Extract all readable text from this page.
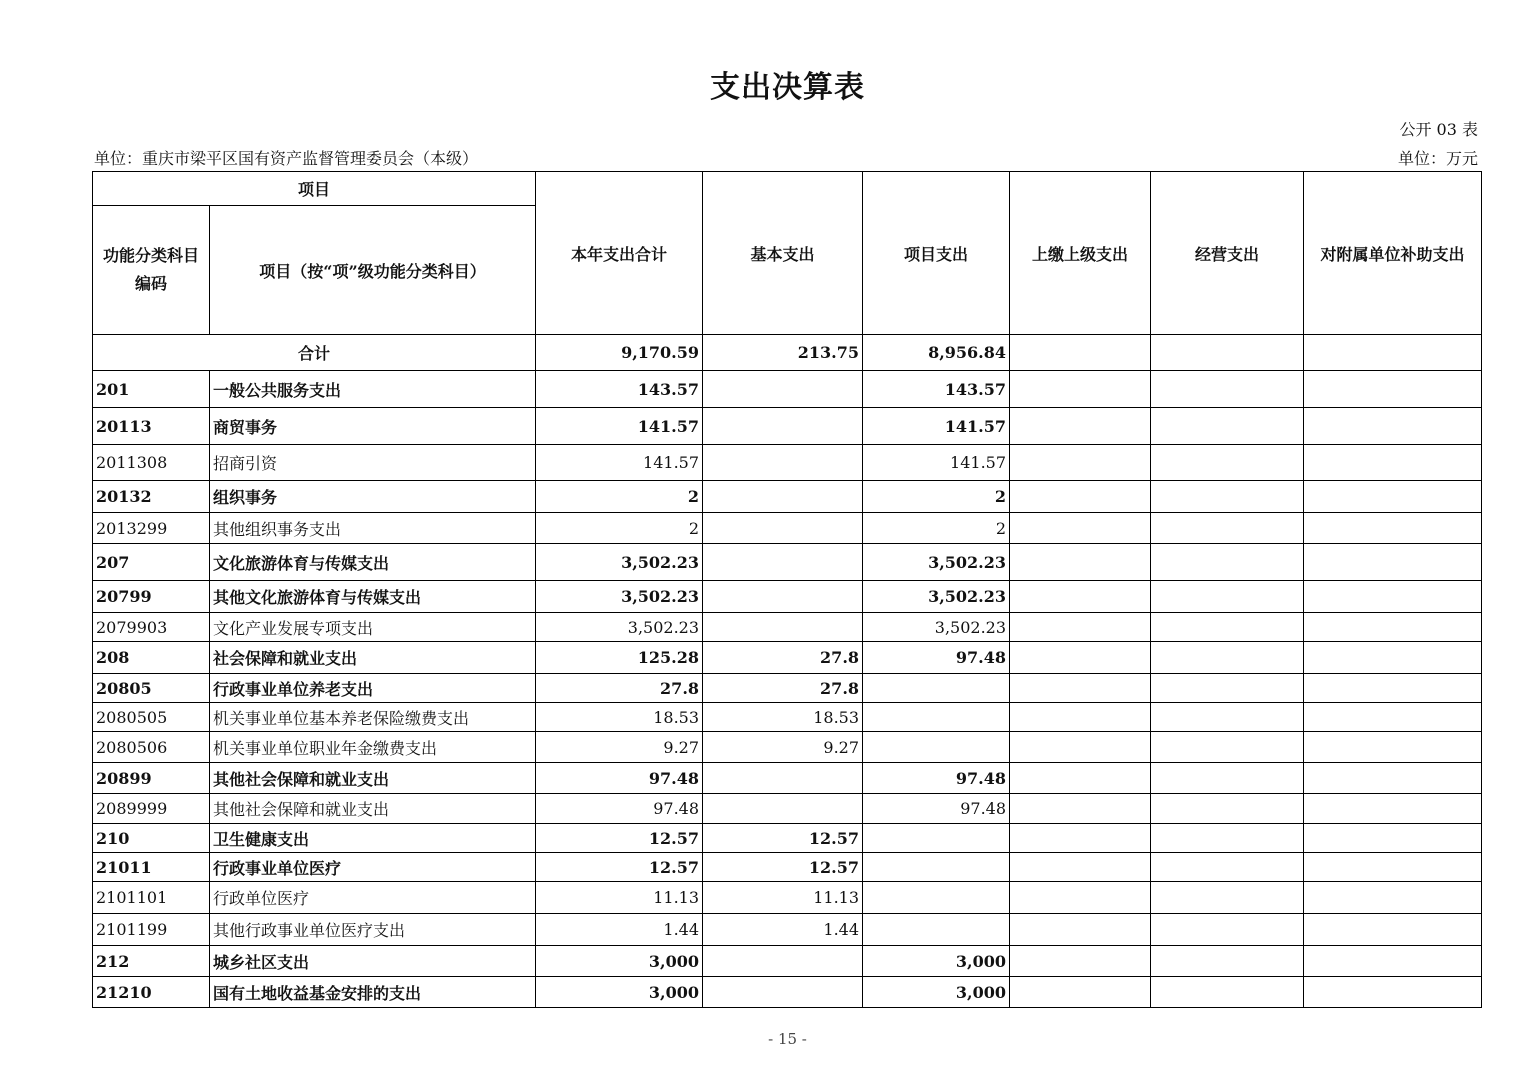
支出决算表
公开 03 表
单位：重庆市梁平区国有资产监督管理委员会（本级）	单位：万元
项目		本年支出合计	基本支出	项目支出	上缴上级支出	经营支出	对附属单位补助支出
功能分类科目编码	项目（按“项”级功能分类科目）						
合计		9,170.59	213.75	8,956.84			
201	一般公共服务支出	143.57		143.57			
20113	商贸事务	141.57		141.57			
2011308	招商引资	141.57		141.57			
20132	组织事务	2		2			
2013299	其他组织事务支出	2		2			
207	文化旅游体育与传媒支出	3,502.23		3,502.23			
20799	其他文化旅游体育与传媒支出	3,502.23		3,502.23			
2079903	文化产业发展专项支出	3,502.23		3,502.23			
208	社会保障和就业支出	125.28	27.8	97.48			
20805	行政事业单位养老支出	27.8	27.8				
2080505	机关事业单位基本养老保险缴费支出	18.53	18.53				
2080506	机关事业单位职业年金缴费支出	9.27	9.27				
20899	其他社会保障和就业支出	97.48		97.48			
2089999	其他社会保障和就业支出	97.48		97.48			
210	卫生健康支出	12.57	12.57				
21011	行政事业单位医疗	12.57	12.57				
2101101	行政单位医疗	11.13	11.13				
2101199	其他行政事业单位医疗支出	1.44	1.44				
212	城乡社区支出	3,000		3,000			
21210	国有土地收益基金安排的支出	3,000		3,000			
- 15 -
